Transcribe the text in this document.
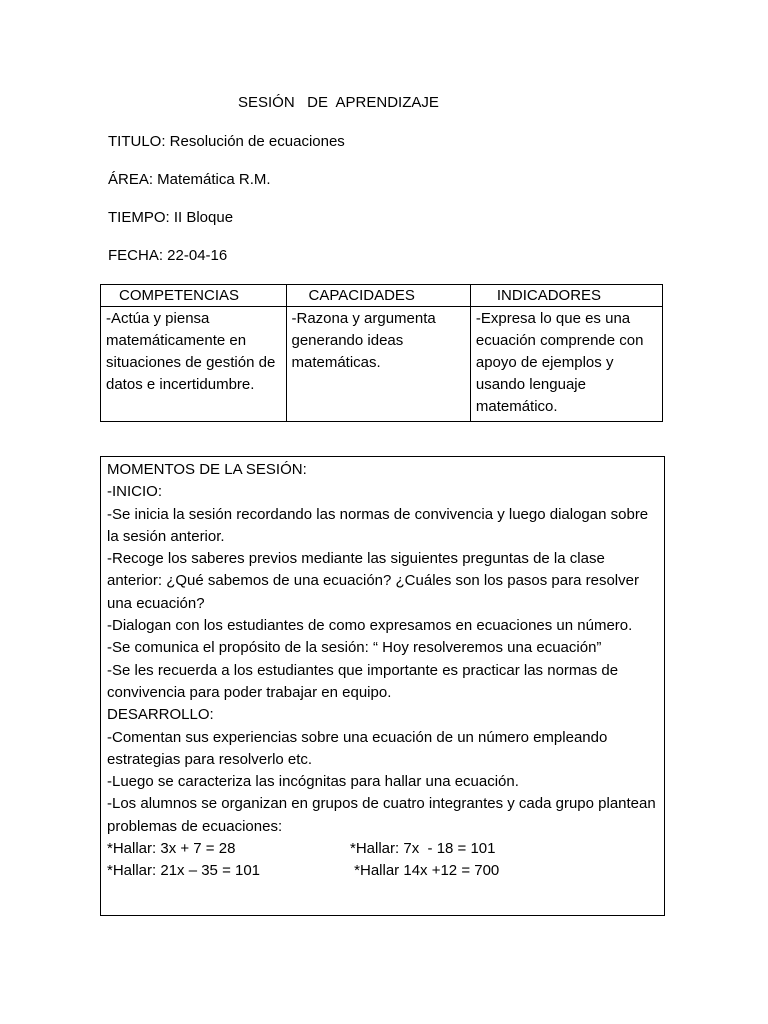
SESIÓN   DE  APRENDIZAJE
TITULO: Resolución de ecuaciones
ÁREA: Matemática R.M.
TIEMPO: II Bloque
FECHA: 22-04-16
COMPETENCIAS	CAPACIDADES	INDICADORES
-Actúa y piensa matemáticamente en situaciones de gestión de datos e incertidumbre.	-Razona y argumenta generando ideas matemáticas.	-Expresa lo que es una ecuación comprende con apoyo de ejemplos y usando lenguaje matemático.
MOMENTOS DE LA SESIÓN:
-INICIO:
-Se inicia la sesión recordando las normas de convivencia y luego dialogan sobre la sesión anterior.
-Recoge los saberes previos mediante las siguientes preguntas de la clase anterior: ¿Qué sabemos de una ecuación? ¿Cuáles son los pasos para resolver una ecuación?
-Dialogan con los estudiantes de como expresamos en ecuaciones un número.
-Se comunica el propósito de la sesión: “ Hoy resolveremos una ecuación”
-Se les recuerda a los estudiantes que importante es practicar las normas de convivencia para poder trabajar en equipo.
DESARROLLO:
-Comentan sus experiencias sobre una ecuación de un número empleando estrategias para resolverlo etc.
-Luego se caracteriza las incógnitas para hallar una ecuación.
-Los alumnos se organizan en grupos de cuatro integrantes y cada grupo plantean problemas de ecuaciones:
*Hallar: 3x + 7 = 28	*Hallar: 7x  - 18 = 101
*Hallar: 21x – 35 = 101	*Hallar 14x +12 = 700
